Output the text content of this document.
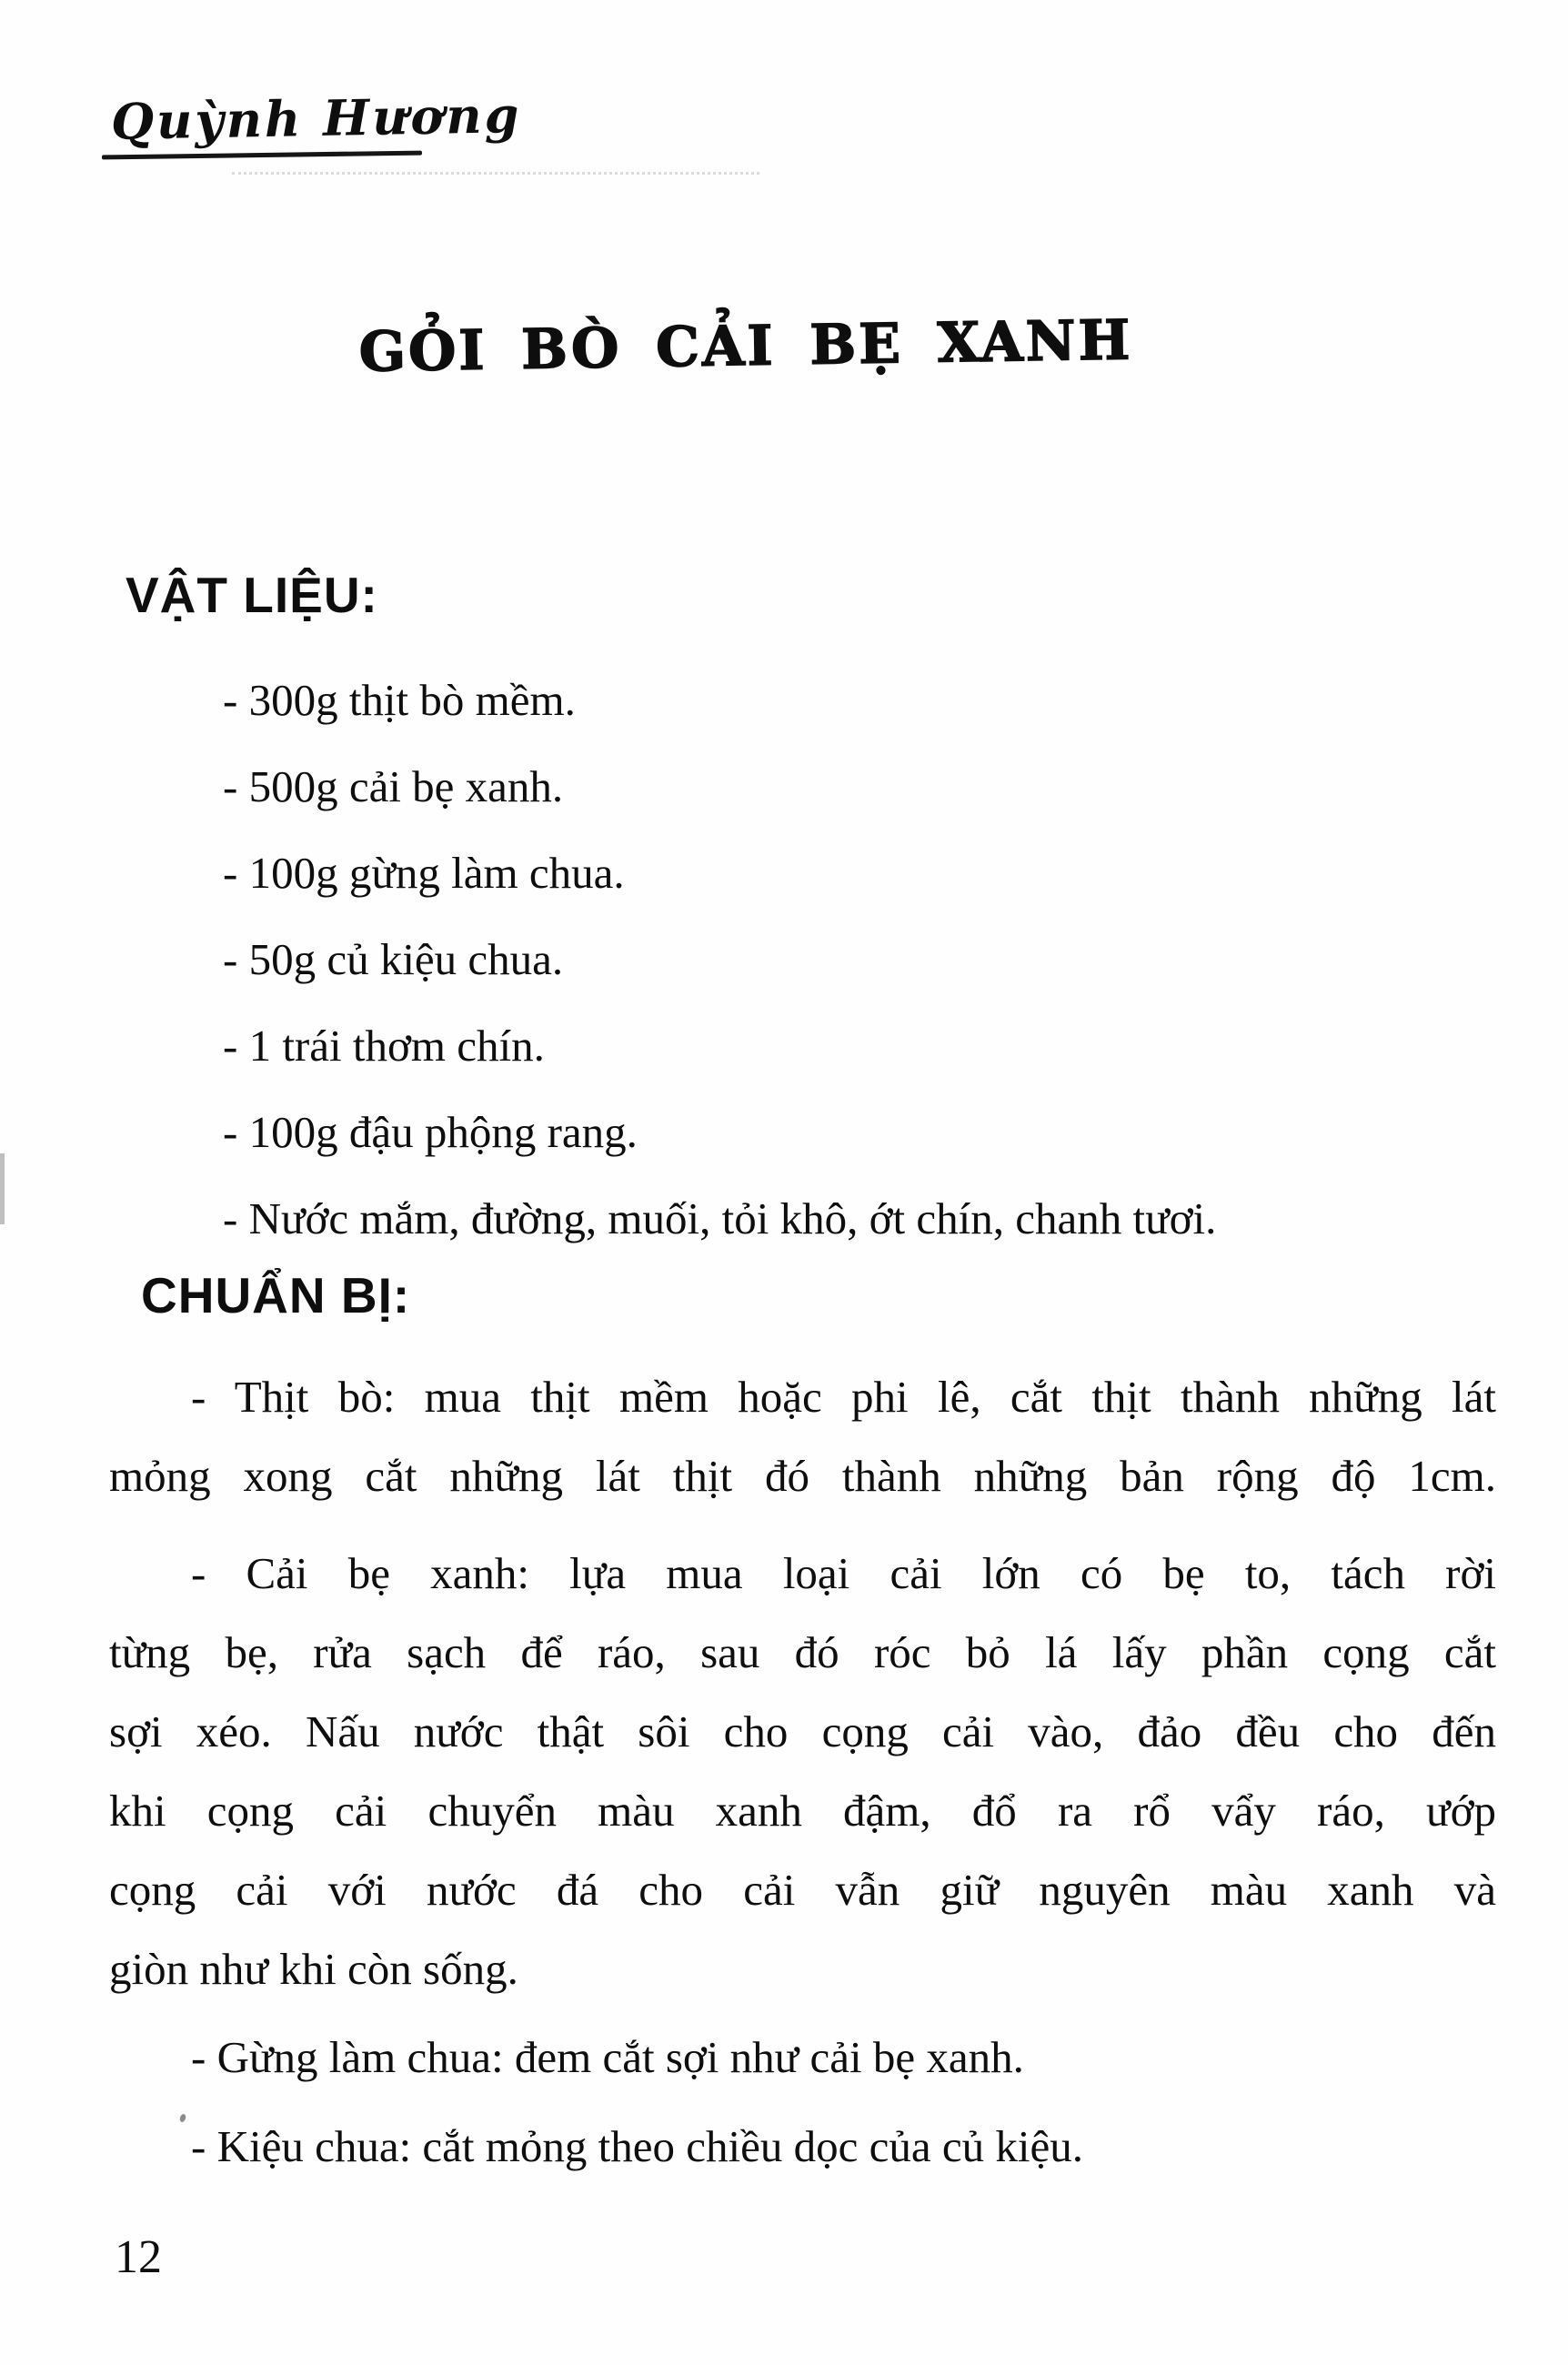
Quỳnh Hương
GỎI BÒ CẢI BẸ XANH
VẬT LIỆU:
- 300g thịt bò mềm.
- 500g cải bẹ xanh.
- 100g gừng làm chua.
- 50g củ kiệu chua.
- 1 trái thơm chín.
- 100g đậu phộng rang.
- Nước mắm, đường, muối, tỏi khô, ớt chín, chanh tươi.
CHUẨN BỊ:
- Thịt bò: mua thịt mềm hoặc phi lê, cắt thịt thành những lát
mỏng xong cắt những lát thịt đó thành những bản rộng độ 1cm.
- Cải bẹ xanh: lựa mua loại cải lớn có bẹ to, tách rời
từng bẹ, rửa sạch để ráo, sau đó róc bỏ lá lấy phần cọng cắt
sợi xéo. Nấu nước thật sôi cho cọng cải vào, đảo đều cho đến
khi cọng cải chuyển màu xanh đậm, đổ ra rổ vẩy ráo, ướp
cọng cải với nước đá cho cải vẫn giữ nguyên màu xanh và
giòn như khi còn sống.
- Gừng làm chua: đem cắt sợi như cải bẹ xanh.
- Kiệu chua: cắt mỏng theo chiều dọc của củ kiệu.
12
